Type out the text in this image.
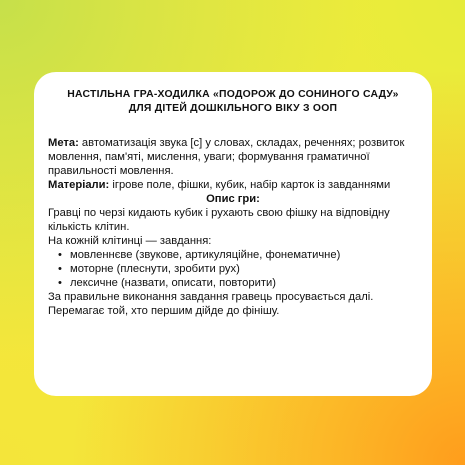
НАСТІЛЬНА ГРА-ХОДИЛКА «ПОДОРОЖ ДО СОНИНОГО САДУ»
ДЛЯ ДІТЕЙ ДОШКІЛЬНОГО ВІКУ З ООП

Мета: автоматизація звука [с] у словах, складах, реченнях; розвиток мовлення, пам'яті, мислення, уваги; формування граматичної правильності мовлення.

Матеріали: ігрове поле, фішки, кубик, набір карток із завданнями

Опис гри:

Гравці по черзі кидають кубик і рухають свою фішку на відповідну кількість клітин.

На кожній клітинці — завдання:

• мовленнєве (звукове, артикуляційне, фонематичне)
• моторне (плеснути, зробити рух)
• лексичне (назвати, описати, повторити)

За правильне виконання завдання гравець просувається далі. Перемагає той, хто першим дійде до фінішу.
